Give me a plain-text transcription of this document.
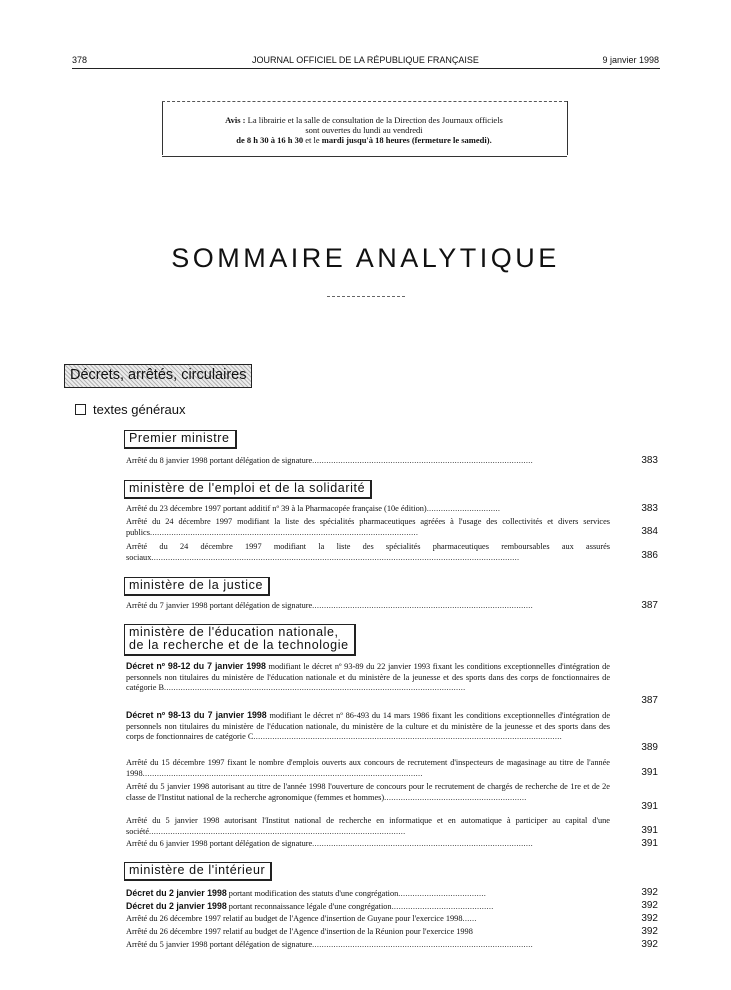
378	JOURNAL OFFICIEL DE LA RÉPUBLIQUE FRANÇAISE	9 janvier 1998
Avis : La librairie et la salle de consultation de la Direction des Journaux officiels
sont ouvertes du lundi au vendredi
de 8 h 30 à 16 h 30 et le mardi jusqu'à 18 heures (fermeture le samedi).
SOMMAIRE ANALYTIQUE
Décrets, arrêtés, circulaires
textes généraux
Premier ministre
Arrêté du 8 janvier 1998 portant délégation de signature.............................................................................................	383
ministère de l'emploi et de la solidarité
Arrêté du 23 décembre 1997 portant additif nº 39 à la Pharmacopée française (10e édition)...............................	383
Arrêté du 24 décembre 1997 modifiant la liste des spécialités pharmaceutiques agréées à l'usage des collectivités et divers services publics.................................................................................................................	384
Arrêté du 24 décembre 1997 modifiant la liste des spécialités pharmaceutiques remboursables aux assurés sociaux...........................................................................................................................................................	386
ministère de la justice
Arrêté du 7 janvier 1998 portant délégation de signature.............................................................................................	387
ministère de l'éducation nationale,
de la recherche et de la technologie
Décret nº 98-12 du 7 janvier 1998 modifiant le décret nº 93-89 du 22 janvier 1993 fixant les conditions exceptionnelles d'intégration de personnels non titulaires du ministère de l'éducation nationale et du ministère de la jeunesse et des sports dans des corps de fonctionnaires de catégorie B...............................................................................................................................
387
Décret nº 98-13 du 7 janvier 1998 modifiant le décret nº 86-493 du 14 mars 1986 fixant les conditions exceptionnelles d'intégration de personnels non titulaires du ministère de l'éducation nationale, du ministère de la culture et du ministère de la jeunesse et des sports dans des corps de fonctionnaires de catégorie C..................................................................................................................................
389
Arrêté du 15 décembre 1997 fixant le nombre d'emplois ouverts aux concours de recrutement d'inspecteurs de magasinage au titre de l'année 1998......................................................................................................................	391
Arrêté du 5 janvier 1998 autorisant au titre de l'année 1998 l'ouverture de concours pour le recrutement de chargés de recherche de 1re et de 2e classe de l'Institut national de la recherche agronomique (femmes et hommes)............................................................
391
Arrêté du 5 janvier 1998 autorisant l'Institut national de recherche en informatique et en automatique à participer au capital d'une société............................................................................................................	391
Arrêté du 6 janvier 1998 portant délégation de signature.............................................................................................	391
ministère de l'intérieur
Décret du 2 janvier 1998 portant modification des statuts d'une congrégation.....................................	392
Décret du 2 janvier 1998 portant reconnaissance légale d'une congrégation...........................................	392
Arrêté du 26 décembre 1997 relatif au budget de l'Agence d'insertion de Guyane pour l'exercice 1998......	392
Arrêté du 26 décembre 1997 relatif au budget de l'Agence d'insertion de la Réunion pour l'exercice 1998	392
Arrêté du 5 janvier 1998 portant délégation de signature.............................................................................................	392
